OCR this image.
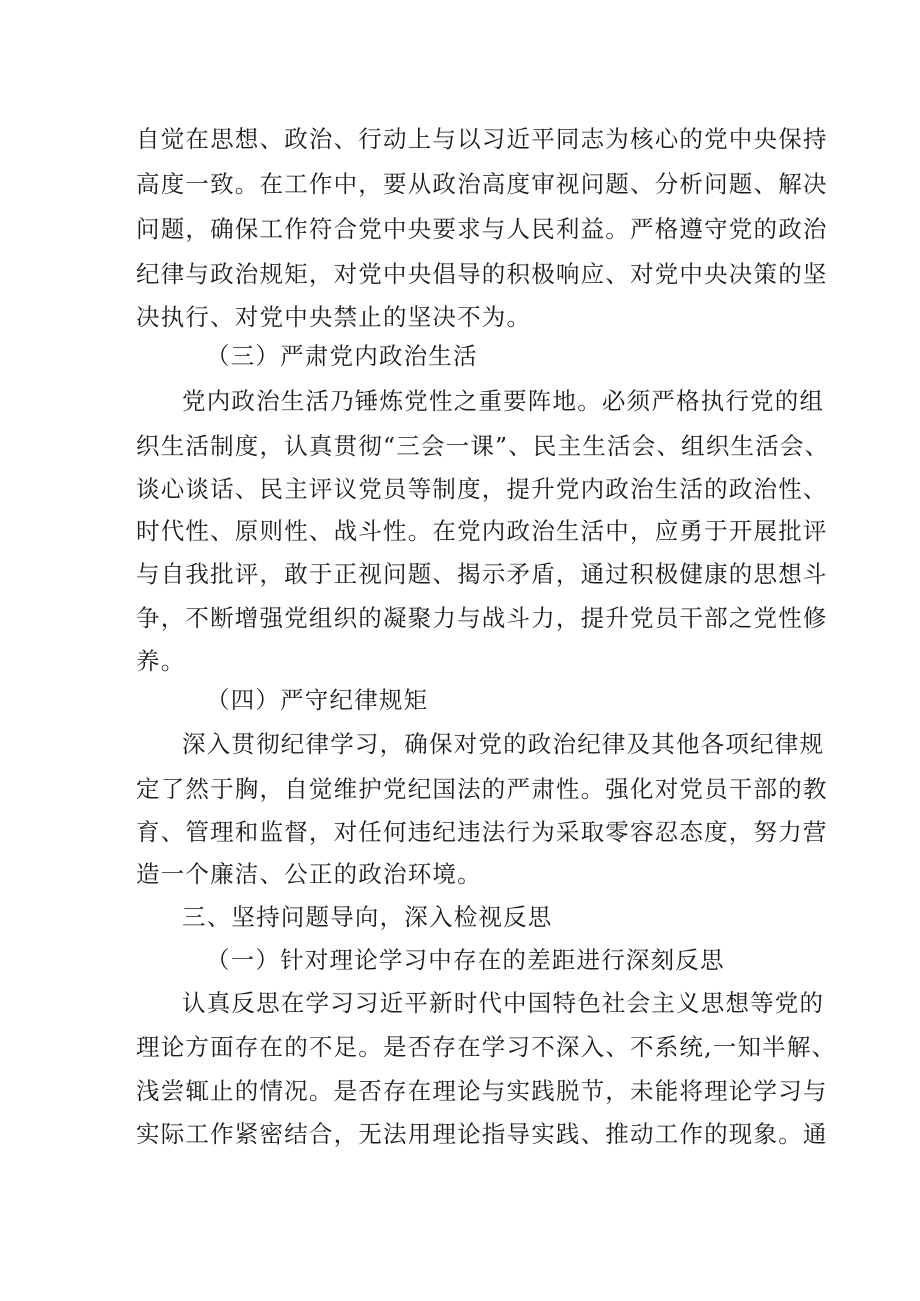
自觉在思想、政治、行动上与以习近平同志为核心的党中央保持
高度一致。在工作中，要从政治高度审视问题、分析问题、解决
问题，确保工作符合党中央要求与人民利益。严格遵守党的政治
纪律与政治规矩，对党中央倡导的积极响应、对党中央决策的坚
决执行、对党中央禁止的坚决不为。
（三）严肃党内政治生活
党内政治生活乃锤炼党性之重要阵地。必须严格执行党的组
织生活制度，认真贯彻“三会一课”、民主生活会、组织生活会、
谈心谈话、民主评议党员等制度，提升党内政治生活的政治性、
时代性、原则性、战斗性。在党内政治生活中，应勇于开展批评
与自我批评，敢于正视问题、揭示矛盾，通过积极健康的思想斗
争，不断增强党组织的凝聚力与战斗力，提升党员干部之党性修
养。
（四）严守纪律规矩
深入贯彻纪律学习，确保对党的政治纪律及其他各项纪律规
定了然于胸，自觉维护党纪国法的严肃性。强化对党员干部的教
育、管理和监督，对任何违纪违法行为采取零容忍态度，努力营
造一个廉洁、公正的政治环境。
三、坚持问题导向，深入检视反思
（一）针对理论学习中存在的差距进行深刻反思
认真反思在学习习近平新时代中国特色社会主义思想等党的
理论方面存在的不足。是否存在学习不深入、不系统,一知半解、
浅尝辄止的情况。是否存在理论与实践脱节，未能将理论学习与
实际工作紧密结合，无法用理论指导实践、推动工作的现象。通
